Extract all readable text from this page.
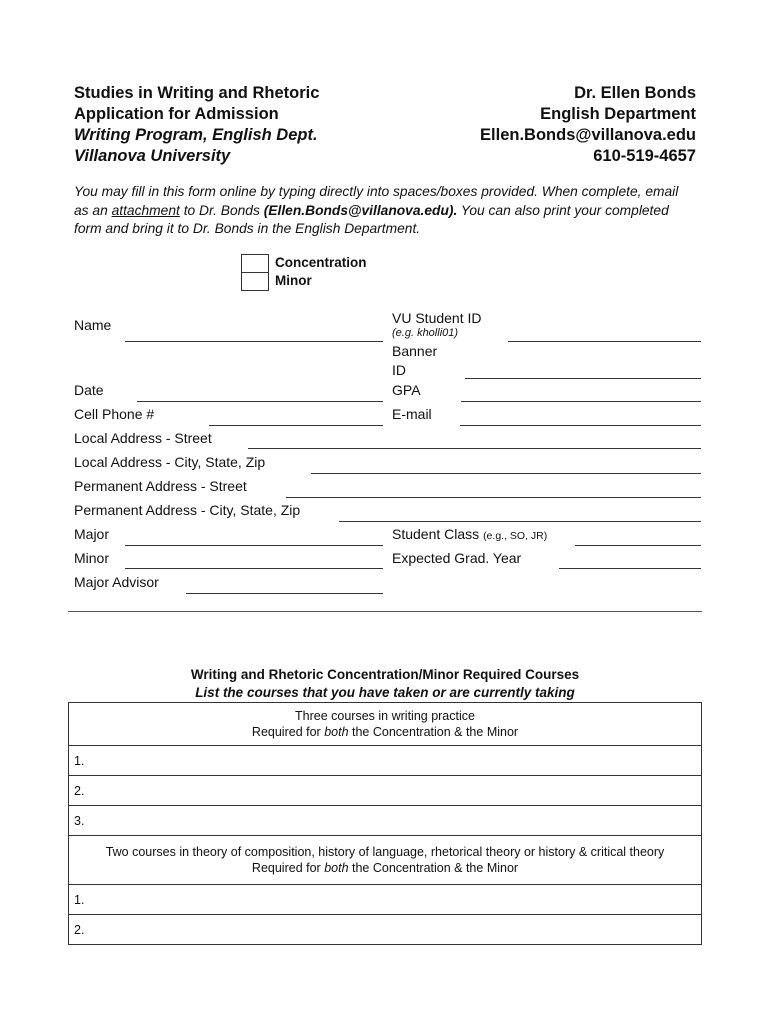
Studies in Writing and Rhetoric
Application for Admission
Writing Program, English Dept.
Villanova University
Dr. Ellen Bonds
English Department
Ellen.Bonds@villanova.edu
610-519-4657
You may fill in this form online by typing directly into spaces/boxes provided. When complete, email as an attachment to Dr. Bonds (Ellen.Bonds@villanova.edu). You can also print your completed form and bring it to Dr. Bonds in the English Department.
Concentration
Minor
Name	VU Student ID
(e.g. kholli01)
Banner
ID
Date	GPA
Cell Phone #	E-mail
Local Address - Street
Local Address - City, State, Zip
Permanent Address - Street
Permanent Address - City, State, Zip
Major	Student Class (e.g., SO, JR)
Minor	Expected Grad. Year
Major Advisor
Writing and Rhetoric Concentration/Minor Required Courses
List the courses that you have taken or are currently taking
Three courses in writing practice
Required for both the Concentration & the Minor

1.
2.
3.

Two courses in theory of composition, history of language, rhetorical theory or history & critical theory
Required for both the Concentration & the Minor

1.
2.
